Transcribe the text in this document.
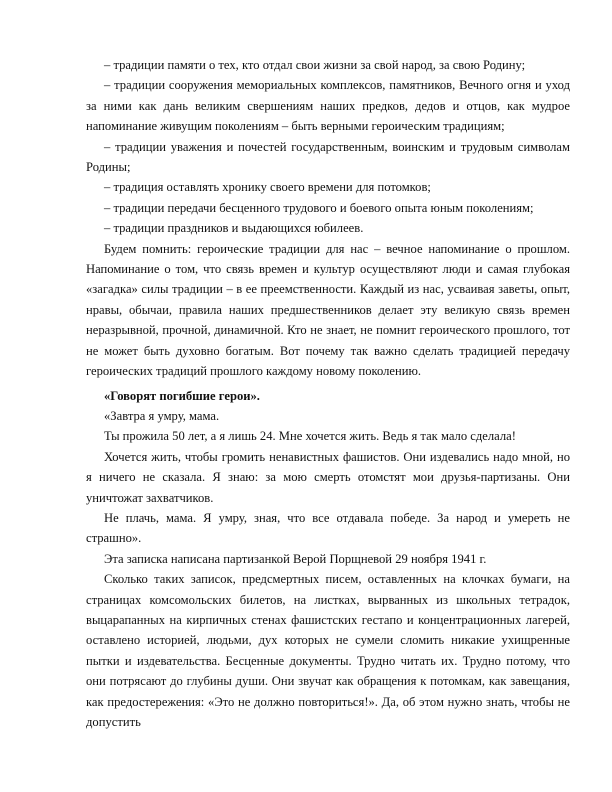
– традиции памяти о тех, кто отдал свои жизни за свой народ, за свою Родину;

– традиции сооружения мемориальных комплексов, памятников, Вечного огня и уход за ними как дань великим свершениям наших предков, дедов и отцов, как мудрое напоминание живущим поколениям – быть верными героическим традициям;

– традиции уважения и почестей государственным, воинским и трудовым символам Родины;

– традиция оставлять хронику своего времени для потомков;

– традиции передачи бесценного трудового и боевого опыта юным поколениям;

– традиции праздников и выдающихся юбилеев.

Будем помнить: героические традиции для нас – вечное напоминание о прошлом. Напоминание о том, что связь времен и культур осуществляют люди и самая глубокая «загадка» силы традиции – в ее преемственности. Каждый из нас, усваивая заветы, опыт, нравы, обычаи, правила наших предшественников делает эту великую связь времен неразрывной, прочной, динамичной. Кто не знает, не помнит героического прошлого, тот не может быть духовно богатым. Вот почему так важно сделать традицией передачу героических традиций прошлого каждому новому поколению.

«Говорят погибшие герои».

«Завтра я умру, мама.

Ты прожила 50 лет, а я лишь 24. Мне хочется жить. Ведь я так мало сделала!

Хочется жить, чтобы громить ненавистных фашистов. Они издевались надо мной, но я ничего не сказала. Я знаю: за мою смерть отомстят мои друзья-партизаны. Они уничтожат захватчиков.

Не плачь, мама. Я умру, зная, что все отдавала победе. За народ и умереть не страшно».

Эта записка написана партизанкой Верой Порщневой 29 ноября 1941 г.

Сколько таких записок, предсмертных писем, оставленных на клочках бумаги, на страницах комсомольских билетов, на листках, вырванных из школьных тетрадок, выцарапанных на кирпичных стенах фашистских гестапо и концентрационных лагерей, оставлено историей, людьми, дух которых не сумели сломить никакие ухищренные пытки и издевательства. Бесценные документы. Трудно читать их. Трудно потому, что они потрясают до глубины души. Они звучат как обращения к потомкам, как завещания, как предостережения: «Это не должно повториться!». Да, об этом нужно знать, чтобы не допустить
